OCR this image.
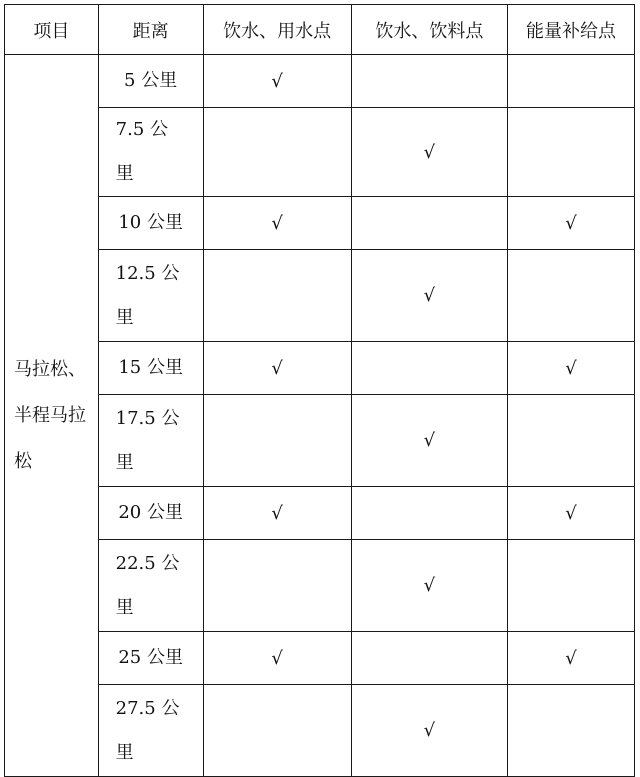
项目	距离	饮水、用水点	饮水、饮料点	能量补给点
马拉松、半程马拉松	5 公里	√		
	7.5 公里		√	
	10 公里	√		√
	12.5 公里		√	
	15 公里	√		√
	17.5 公里		√	
	20 公里	√		√
	22.5 公里		√	
	25 公里	√		√
	27.5 公里		√	
